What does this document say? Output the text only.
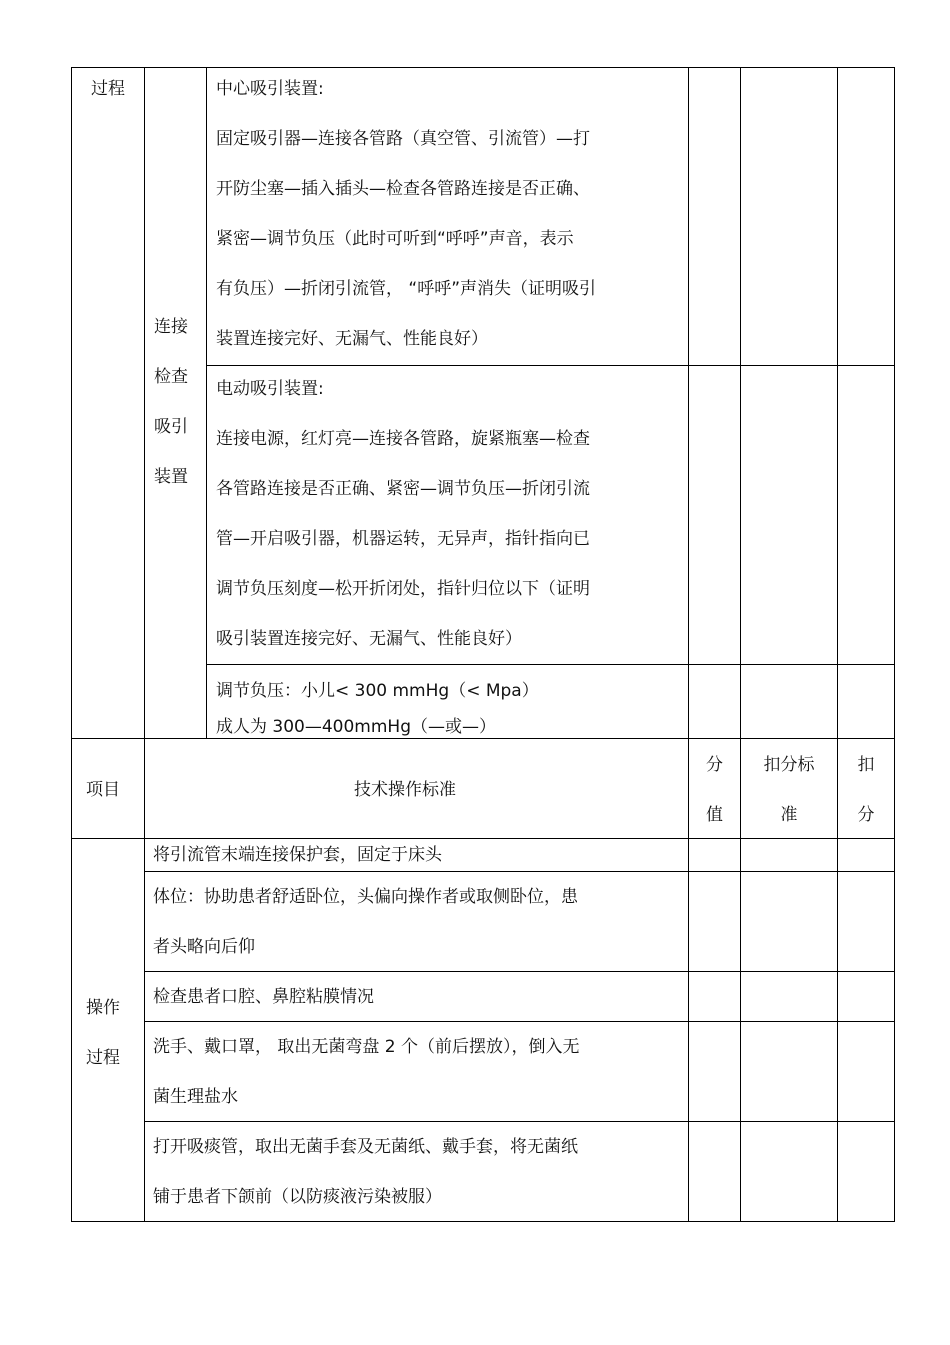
过程
连接
检查
吸引
装置
中心吸引装置:
固定吸引器—连接各管路（真空管、引流管）—打
开防尘塞—插入插头—检查各管路连接是否正确、
紧密—调节负压（此时可听到“呼呼”声音，表示
有负压）—折闭引流管， “呼呼”声消失（证明吸引
装置连接完好、无漏气、性能良好）
电动吸引装置:
连接电源，红灯亮—连接各管路，旋紧瓶塞—检查
各管路连接是否正确、紧密—调节负压—折闭引流
管—开启吸引器，机器运转，无异声，指针指向已
调节负压刻度—松开折闭处，指针归位以下（证明
吸引装置连接完好、无漏气、性能良好）
调节负压：小儿< 300 mmHg（< Mpa）
成人为 300—400mmHg（—或—）
项目	技术操作标准
分
值
扣分标
准
扣
分
操作
过程
将引流管末端连接保护套，固定于床头
体位：协助患者舒适卧位，头偏向操作者或取侧卧位，患
者头略向后仰
检查患者口腔、鼻腔粘膜情况
洗手、戴口罩， 取出无菌弯盘 2 个（前后摆放），倒入无
菌生理盐水
打开吸痰管，取出无菌手套及无菌纸、戴手套，将无菌纸
铺于患者下颌前（以防痰液污染被服）
